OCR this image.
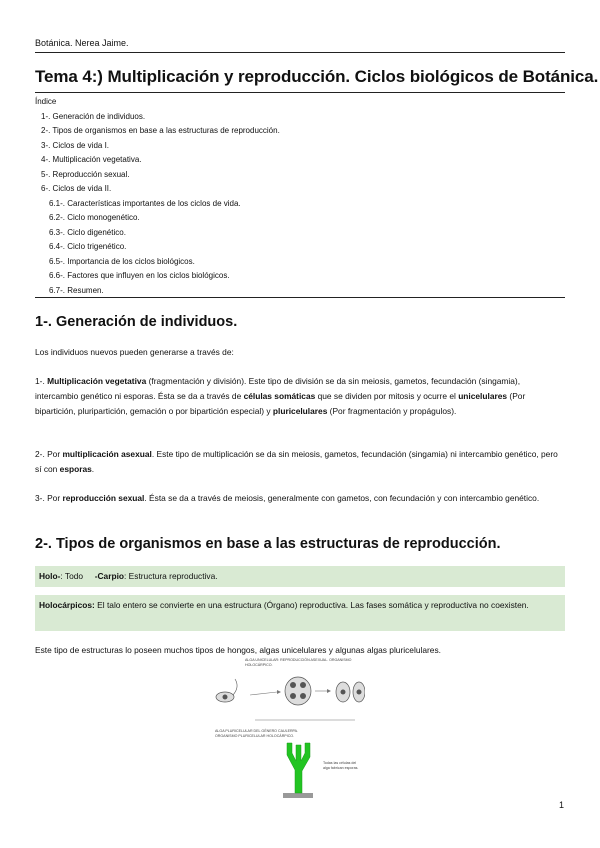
Botánica. Nerea Jaime.
Tema 4:) Multiplicación y reproducción. Ciclos biológicos de Botánica.
Índice
1-. Generación de individuos.
2-. Tipos de organismos en base a las estructuras de reproducción.
3-. Ciclos de vida I.
4-. Multiplicación vegetativa.
5-. Reproducción sexual.
6-. Ciclos de vida II.
6.1-. Características importantes de los ciclos de vida.
6.2-. Ciclo monogenético.
6.3-. Ciclo digenético.
6.4-. Ciclo trigenético.
6.5-. Importancia de los ciclos biológicos.
6.6-. Factores que influyen en los ciclos biológicos.
6.7-. Resumen.
1-. Generación de individuos.
Los individuos nuevos pueden generarse a través de:
1-. Multiplicación vegetativa (fragmentación y división). Este tipo de división se da sin meiosis, gametos, fecundación (singamia), intercambio genético ni esporas. Ésta se da a través de células somáticas que se dividen por mitosis y ocurre el unicelulares (Por bipartición, pluripartición, gemación o por bipartición especial) y pluricelulares (Por fragmentación y propágulos).
2-. Por multiplicación asexual. Este tipo de multiplicación se da sin meiosis, gametos, fecundación (singamia) ni intercambio genético, pero sí con esporas.
3-. Por reproducción sexual. Ésta se da a través de meiosis, generalmente con gametos, con fecundación y con intercambio genético.
2-. Tipos de organismos en base a las estructuras de reproducción.
Holo-: Todo     -Carpio: Estructura reproductiva.
Holocárpicos: El talo entero se convierte en una estructura (Órgano) reproductiva. Las fases somática y reproductiva no coexisten.
Este tipo de estructuras lo poseen muchos tipos de hongos, algas unicelulares y algunas algas pluricelulares.
ALGA UNICELULAR: REPRODUCCIÓN ASEXUAL. ORGANISMO HOLOCÁRPICO.
ALGA PLURICELULAR DEL GÉNERO CAULERPA. ORGANISMO PLURICELULAR HOLOCÁRPICO.
Todas las células del alga fabrican esporas.
1
